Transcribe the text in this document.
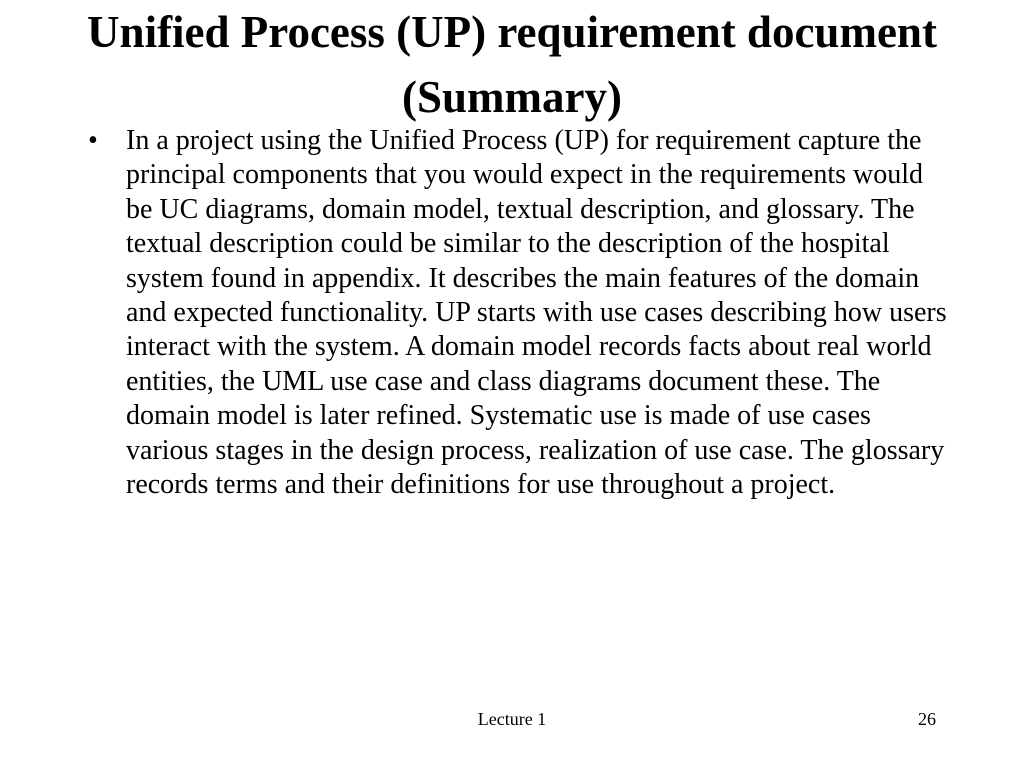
Unified Process (UP) requirement document (Summary)
• In a project using the Unified Process (UP) for requirement capture the principal components that you would expect in the requirements would be UC diagrams, domain model, textual description, and glossary. The textual description could be similar to the description of the hospital system found in appendix. It describes the main features of the domain and expected functionality. UP starts with use cases describing how users interact with the system. A domain model records facts about real world entities, the UML use case and class diagrams document these. The domain model is later refined. Systematic use is made of use cases various stages in the design process, realization of use case. The glossary records terms and their definitions for use throughout a project.
Lecture 1	26
